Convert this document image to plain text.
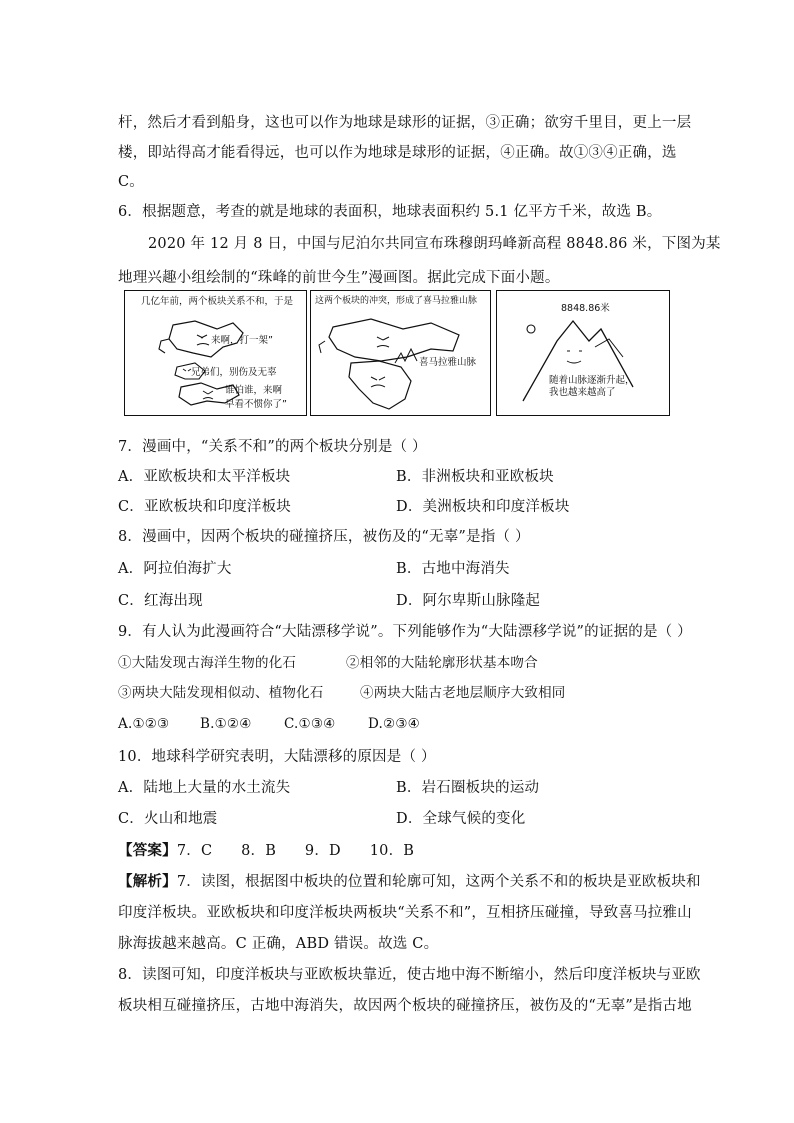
杆，然后才看到船身，这也可以作为地球是球形的证据，③正确；欲穷千里目，更上一层
楼，即站得高才能看得远，也可以作为地球是球形的证据，④正确。故①③④正确，选
C。
6．根据题意，考查的就是地球的表面积，地球表面积约 5.1 亿平方千米，故选 B。
2020 年 12 月 8 日，中国与尼泊尔共同宣布珠穆朗玛峰新高程 8848.86 米，下图为某
几亿年前，两个板块关系不和，于是
来啊，打一架”
兄弟们，别伤及无辜
谁怕谁，来啊
早看不惯你了”
这两个板块的冲突，形成了喜马拉雅山脉
喜马拉雅山脉
8848.86米
随着山脉逐渐升起，
我也越来越高了
7．漫画中，“关系不和”的两个板块分别是（ ）
A．亚欧板块和太平洋板块	B．非洲板块和亚欧板块
C．亚欧板块和印度洋板块	D．美洲板块和印度洋板块
8．漫画中，因两个板块的碰撞挤压，被伤及的“无辜”是指（ ）
A．阿拉伯海扩大	B．古地中海消失
C．红海出现	D．阿尔卑斯山脉隆起
9．有人认为此漫画符合“大陆漂移学说”。下列能够作为“大陆漂移学说”的证据的是（ ）
①大陆发现古海洋生物的化石	②相邻的大陆轮廓形状基本吻合
③两块大陆发现相似动、植物化石	④两块大陆古老地层顺序大致相同
A.①②③	B.①②④	C.①③④	D.②③④
10．地球科学研究表明，大陆漂移的原因是（ ）
A．陆地上大量的水土流失	B．岩石圈板块的运动
C．火山和地震	D．全球气候的变化
【答案】7．C      8．B      9．D      10．B
【解析】7．读图，根据图中板块的位置和轮廓可知，这两个关系不和的板块是亚欧板块和
印度洋板块。亚欧板块和印度洋板块两板块“关系不和”，互相挤压碰撞，导致喜马拉雅山
脉海拔越来越高。C 正确，ABD 错误。故选 C。
8．读图可知，印度洋板块与亚欧板块靠近，使古地中海不断缩小，然后印度洋板块与亚欧
板块相互碰撞挤压，古地中海消失，故因两个板块的碰撞挤压，被伤及的“无辜”是指古地
地理兴趣小组绘制的“珠峰的前世今生”漫画图。据此完成下面小题。
